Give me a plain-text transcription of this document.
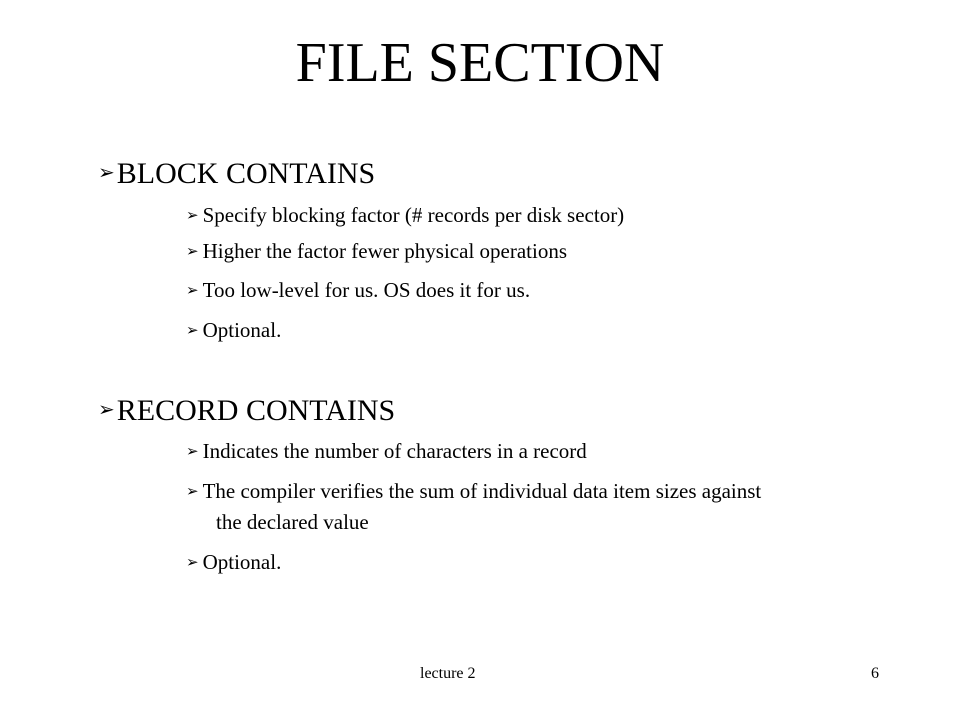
FILE SECTION
➢BLOCK CONTAINS
➢ Specify blocking factor (# records per disk sector)
➢ Higher the factor fewer physical operations
➢ Too low-level for us. OS does it for us.
➢ Optional.
➢RECORD CONTAINS
➢ Indicates the number of characters in a record
➢ The compiler verifies the sum of individual data item sizes against
the declared value
➢ Optional.
lecture 2	6
